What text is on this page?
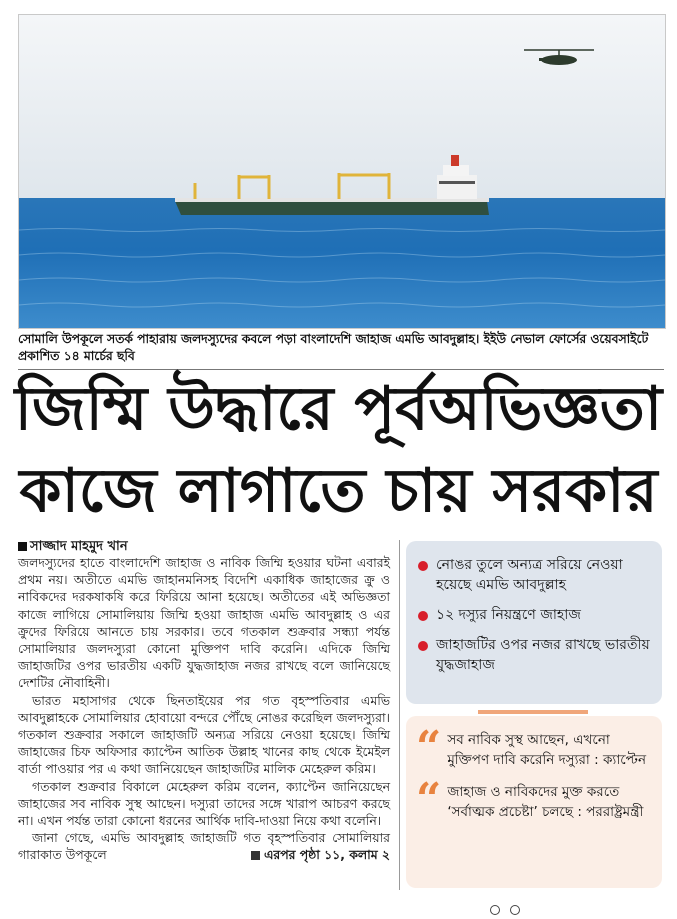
সোমালি উপকূলে সতর্ক পাহারায় জলদস্যুদের কবলে পড়া বাংলাদেশি জাহাজ এমভি আবদুল্লাহ। ইইউ নেভাল ফোর্সের ওয়েবসাইটে প্রকাশিত ১৪ মার্চের ছবি
জিম্মি উদ্ধারে পূর্বঅভিজ্ঞতা
কাজে লাগাতে চায় সরকার
সাজ্জাদ মাহমুদ খান

জলদস্যুদের হাতে বাংলাদেশি জাহাজ ও নাবিক জিম্মি হওয়ার ঘটনা এবারই প্রথম নয়। অতীতে এমভি জাহানমনিসহ বিদেশি একাধিক জাহাজের ক্রু ও নাবিকদের দরকষাকষি করে ফিরিয়ে আনা হয়েছে। অতীতের এই অভিজ্ঞতা কাজে লাগিয়ে সোমালিয়ায় জিম্মি হওয়া জাহাজ এমভি আবদুল্লাহ ও এর ক্রুদের ফিরিয়ে আনতে চায় সরকার। তবে গতকাল শুক্রবার সন্ধ্যা পর্যন্ত সোমালিয়ার জলদস্যুরা কোনো মুক্তিপণ দাবি করেনি। এদিকে জিম্মি জাহাজটির ওপর ভারতীয় একটি যুদ্ধজাহাজ নজর রাখছে বলে জানিয়েছে দেশটির নৌবাহিনী।

ভারত মহাসাগর থেকে ছিনতাইয়ের পর গত বৃহস্পতিবার এমভি আবদুল্লাহকে সোমালিয়ার হোবায়ো বন্দরে পৌঁছে নোঙর করেছিল জলদস্যুরা। গতকাল শুক্রবার সকালে জাহাজটি অন্যত্র সরিয়ে নেওয়া হয়েছে। জিম্মি জাহাজের চিফ অফিসার ক্যাপ্টেন আতিক উল্লাহ খানের কাছ থেকে ইমেইল বার্তা পাওয়ার পর এ কথা জানিয়েছেন জাহাজটির মালিক মেহেরুল করিম।

গতকাল শুক্রবার বিকালে মেহেরুল করিম বলেন, ক্যাপ্টেন জানিয়েছেন জাহাজের সব নাবিক সুস্থ আছেন। দস্যুরা তাদের সঙ্গে খারাপ আচরণ করছে না। এখন পর্যন্ত তারা কোনো ধরনের আর্থিক দাবি-দাওয়া নিয়ে কথা বলেনি।

জানা গেছে, এমভি আবদুল্লাহ জাহাজটি গত বৃহস্পতিবার সোমালিয়ার গারাকাত উপকূলে	এরপর পৃষ্ঠা ১১, কলাম ২

নোঙর তুলে অন্যত্র সরিয়ে নেওয়া হয়েছে এমভি আবদুল্লাহ
১২ দস্যুর নিয়ন্ত্রণে জাহাজ
জাহাজটির ওপর নজর রাখছে ভারতীয় যুদ্ধজাহাজ
“ সব নাবিক সুস্থ আছেন, এখনো মুক্তিপণ দাবি করেনি দস্যুরা : ক্যাপ্টেন
“ জাহাজ ও নাবিকদের মুক্ত করতে ‘সর্বাত্মক প্রচেষ্টা’ চলছে : পররাষ্ট্রমন্ত্রী
